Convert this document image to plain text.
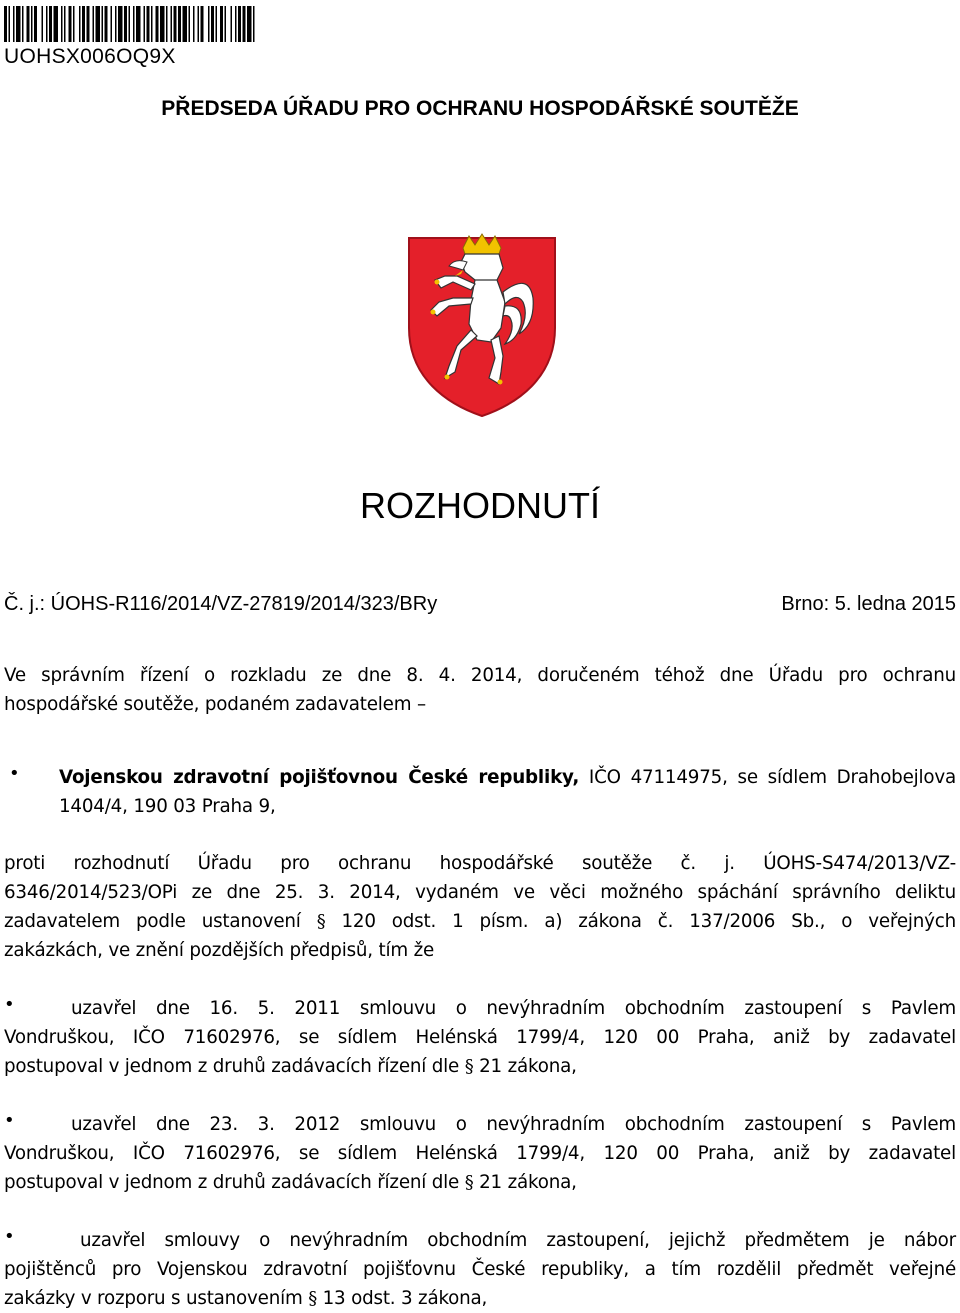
UOHSX006OQ9X
PŘEDSEDA ÚŘADU PRO OCHRANU HOSPODÁŘSKÉ SOUTĚŽE
ROZHODNUTÍ
Č. j.: ÚOHS-R116/2014/VZ-27819/2014/323/BRy	Brno: 5. ledna 2015
Ve správním řízení o rozkladu ze dne 8. 4. 2014, doručeném téhož dne Úřadu pro ochranu
hospodářské soutěže, podaném zadavatelem –
• Vojenskou zdravotní pojišťovnou České republiky, IČO 47114975, se sídlem Drahobejlova 1404/4, 190 03 Praha 9,
proti rozhodnutí Úřadu pro ochranu hospodářské soutěže č. j. ÚOHS-S474/2013/VZ-
6346/2014/523/OPi ze dne 25. 3. 2014, vydaném ve věci možného spáchání správního deliktu
zadavatelem podle ustanovení § 120 odst. 1 písm. a) zákona č. 137/2006 Sb., o veřejných
zakázkách, ve znění pozdějších předpisů, tím že
•	uzavřel dne 16. 5. 2011 smlouvu o nevýhradním obchodním zastoupení s Pavlem
Vondruškou, IČO 71602976, se sídlem Helénská 1799/4, 120 00 Praha, aniž by zadavatel
postupoval v jednom z druhů zadávacích řízení dle § 21 zákona,
•	uzavřel dne 23. 3. 2012 smlouvu o nevýhradním obchodním zastoupení s Pavlem
Vondruškou, IČO 71602976, se sídlem Helénská 1799/4, 120 00 Praha, aniž by zadavatel
postupoval v jednom z druhů zadávacích řízení dle § 21 zákona,
•	uzavřel smlouvy o nevýhradním obchodním zastoupení, jejichž předmětem je nábor
pojištěnců pro Vojenskou zdravotní pojišťovnu České republiky, a tím rozdělil předmět veřejné
zakázky v rozporu s ustanovením § 13 odst. 3 zákona,
